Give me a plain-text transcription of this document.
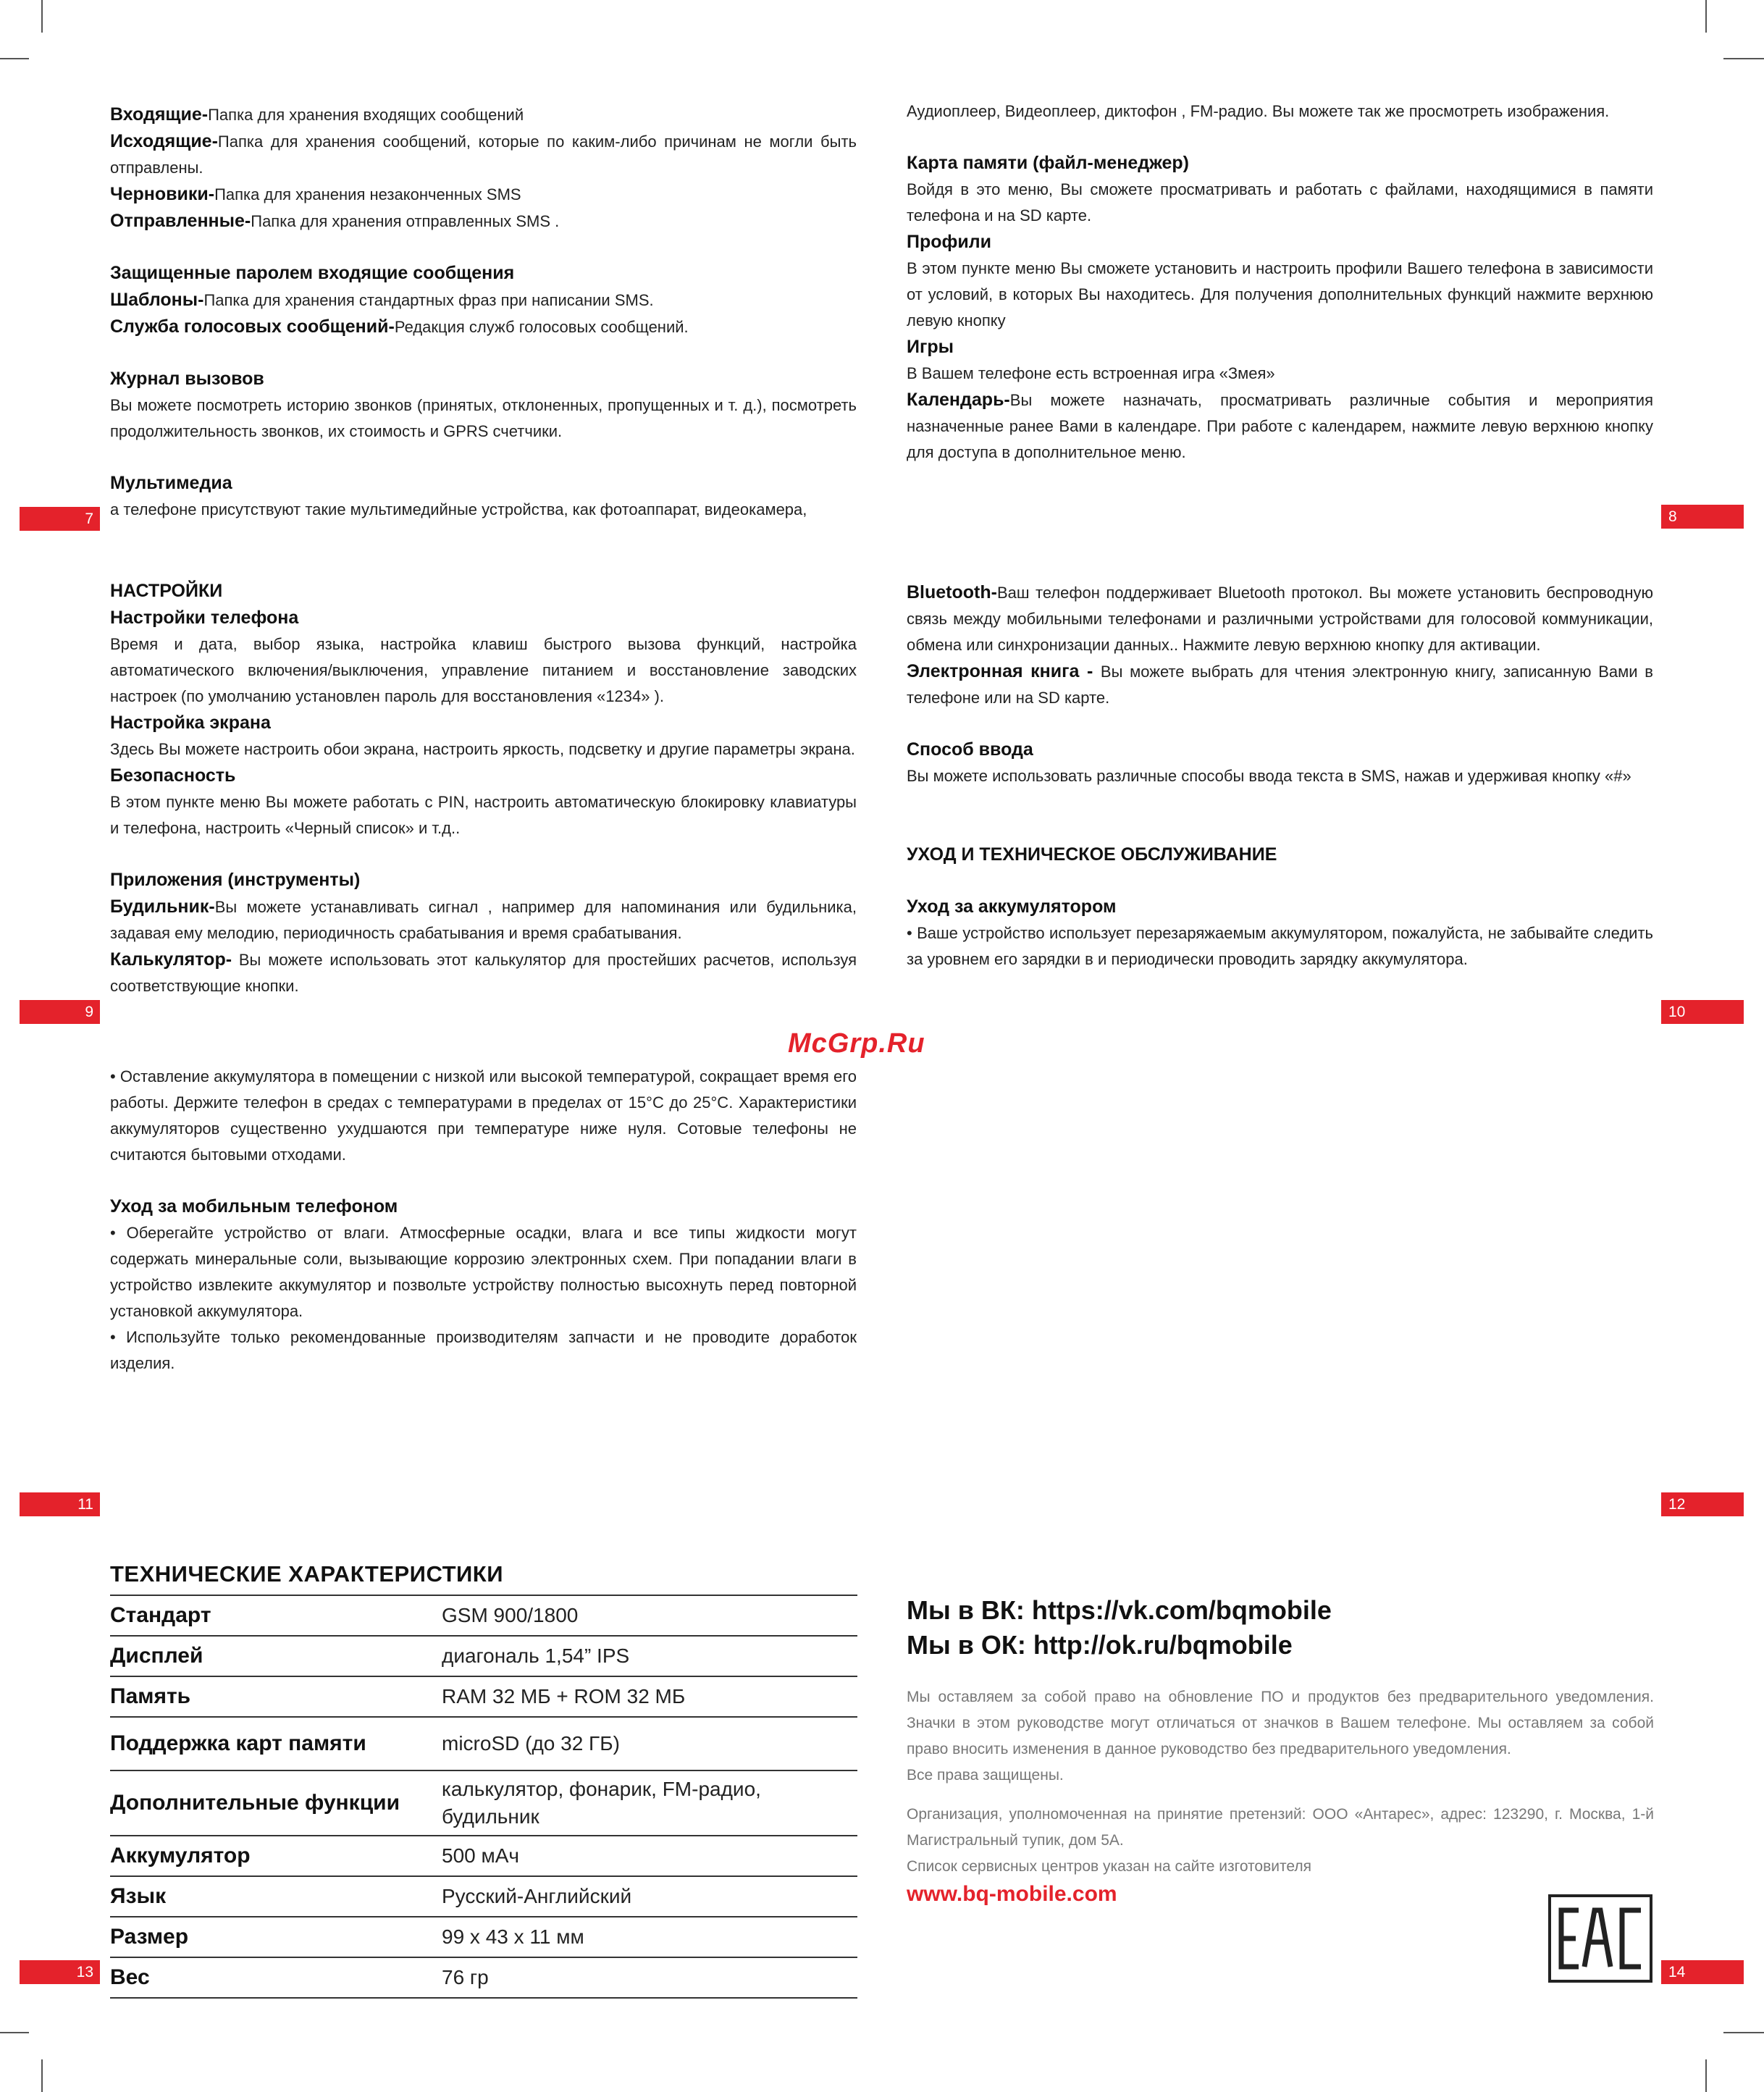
Входящие-Папка для хранения входящих сообщений

Исходящие-Папка для хранения сообщений, которые по каким-либо причинам не могли быть отправлены.

Черновики-Папка для хранения незаконченных SMS

Отправленные-Папка для хранения отправленных SMS .

Защищенные паролем входящие сообщения

Шаблоны-Папка для хранения стандартных фраз при написании SMS.

Служба голосовых сообщений-Редакция служб голосовых сообщений.

Журнал вызовов

Вы можете посмотреть историю звонков (принятых, отклоненных, пропущенных и т. д.), посмотреть продолжительность звонков, их стоимость и GPRS счетчики.

Мультимедиа

а телефоне присутствуют такие мультимедийные устройства, как фотоаппарат, видеокамера,

Аудиоплеер, Видеоплеер, диктофон , FM-радио. Вы можете так же просмотреть изображения.

Карта памяти (файл-менеджер)

Войдя в это меню, Вы сможете просматривать и работать с файлами, находящимися в памяти телефона и на SD карте.

Профили

В этом пункте меню Вы сможете установить и настроить профили Вашего телефона в зависимости от условий, в которых Вы находитесь. Для получения дополнительных функций нажмите верхнюю левую кнопку

Игры

В Вашем телефоне есть встроенная игра «Змея»

Календарь-Вы можете назначать, просматривать различные события и мероприятия назначенные ранее Вами в календаре. При работе с календарем, нажмите левую верхнюю кнопку для доступа в дополнительное меню.

7	8

НАСТРОЙКИ

Настройки телефона

Время и дата, выбор языка, настройка клавиш быстрого вызова функций, настройка автоматического включения/выключения, управление питанием и восстановление заводских настроек (по умолчанию установлен пароль для восстановления «1234» ).

Настройка экрана

Здесь Вы можете настроить обои экрана, настроить яркость, подсветку и другие параметры экрана.

Безопасность

В этом пункте меню Вы можете работать с PIN, настроить автоматическую блокировку клавиатуры и телефона, настроить «Черный список» и т.д..

Приложения (инструменты)

Будильник-Вы можете устанавливать сигнал , например для напоминания или будильника, задавая ему мелодию, периодичность срабатывания и время срабатывания.

Калькулятор- Вы можете использовать этот калькулятор для простейших расчетов, используя соответствующие кнопки.

Bluetooth-Ваш телефон поддерживает Bluetooth протокол. Вы можете установить беспроводную связь между мобильными телефонами и различными устройствами для голосовой коммуникации, обмена или синхронизации данных.. Нажмите левую верхнюю кнопку для активации.

Электронная книга - Вы можете выбрать для чтения электронную книгу, записанную Вами в телефоне или на SD карте.

Способ ввода

Вы можете использовать различные способы ввода текста в SMS, нажав и удерживая кнопку «#»

УХОД И ТЕХНИЧЕСКОЕ ОБСЛУЖИВАНИЕ

Уход за аккумулятором

• Ваше устройство использует перезаряжаемым аккумулятором, пожалуйста, не забывайте следить за уровнем его зарядки в и периодически проводить зарядку аккумулятора.

9	10
McGrp.Ru

• Оставление аккумулятора в помещении с низкой или высокой температурой, сокращает время его работы. Держите телефон в средах с температурами в пределах от 15°C до 25°C. Характеристики аккумуляторов существенно ухудшаются при температуре ниже нуля. Сотовые телефоны не считаются бытовыми отходами.

Уход за мобильным телефоном

• Оберегайте устройство от влаги. Атмосферные осадки, влага и все типы жидкости могут содержать минеральные соли, вызывающие коррозию электронных схем. При попадании влаги в устройство извлеките аккумулятор и позвольте устройству полностью высохнуть перед повторной установкой аккумулятора.

• Используйте только рекомендованные производителям запчасти и не проводите доработок изделия.

11	12
ТЕХНИЧЕСКИЕ ХАРАКТЕРИСТИКИ
Стандарт	GSM 900/1800
Дисплей	диагональ 1,54” IPS
Память	RAM 32 МБ + ROM 32 МБ
Поддержка карт памяти	microSD (до 32 ГБ)
Дополнительные функции	калькулятор, фонарик, FM-радио, будильник
Аккумулятор	500 мАч
Язык	Русский-Английский
Размер	99 x 43 x 11 мм
Вес	76 гр

Мы в ВК: https://vk.com/bqmobile

Мы в ОК: http://ok.ru/bqmobile

Мы оставляем за собой право на обновление ПО и продуктов без предварительного уведомления. Значки в этом руководстве могут отличаться от значков в Вашем телефоне. Мы оставляем за собой право вносить изменения в данное руководство без предварительного уведомления.

Все права защищены.

Организация, уполномоченная на принятие претензий: ООО «Антарес», адрес: 123290, г. Москва, 1-й Магистральный тупик, дом 5А.

Список сервисных центров указан на сайте изготовителя

www.bq-mobile.com

13	14
